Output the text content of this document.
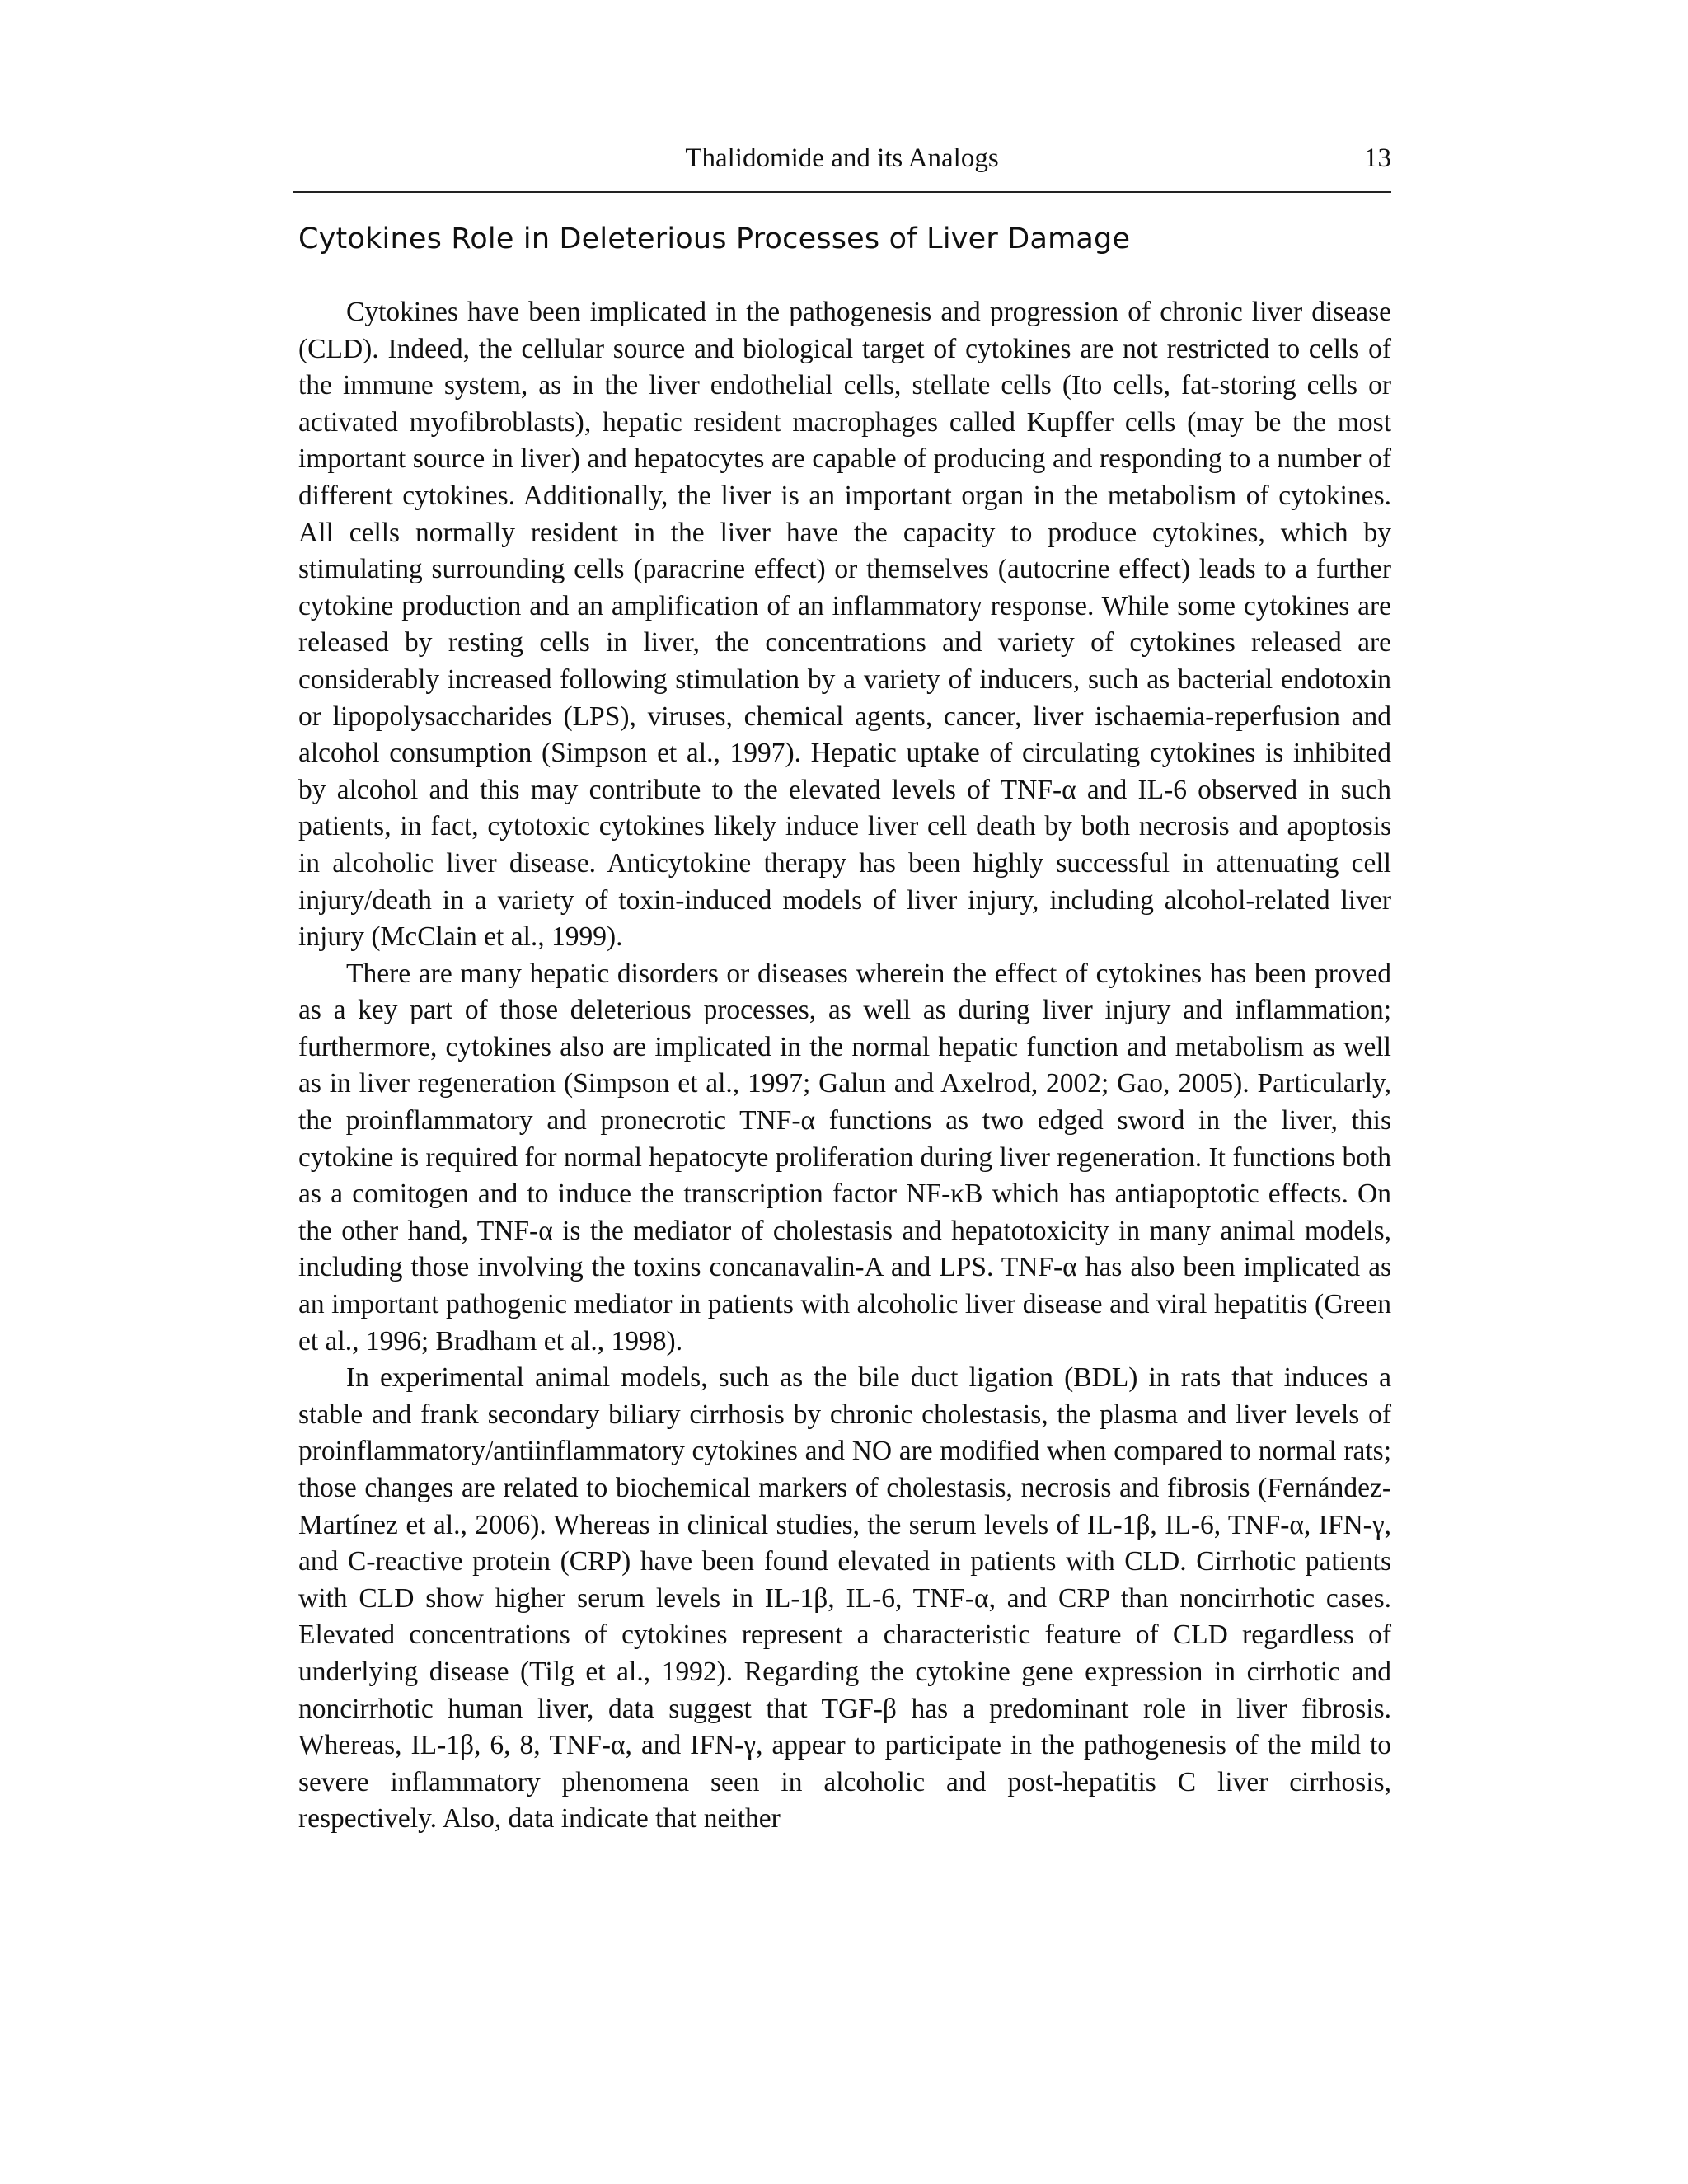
Thalidomide and its Analogs	13
Cytokines Role in Deleterious Processes of Liver Damage

Cytokines have been implicated in the pathogenesis and progression of chronic liver disease (CLD). Indeed, the cellular source and biological target of cytokines are not restricted to cells of the immune system, as in the liver endothelial cells, stellate cells (Ito cells, fat-storing cells or activated myofibroblasts), hepatic resident macrophages called Kupffer cells (may be the most important source in liver) and hepatocytes are capable of producing and responding to a number of different cytokines. Additionally, the liver is an important organ in the metabolism of cytokines. All cells normally resident in the liver have the capacity to produce cytokines, which by stimulating surrounding cells (paracrine effect) or themselves (autocrine effect) leads to a further cytokine production and an amplification of an inflammatory response. While some cytokines are released by resting cells in liver, the concentrations and variety of cytokines released are considerably increased following stimulation by a variety of inducers, such as bacterial endotoxin or lipopolysaccharides (LPS), viruses, chemical agents, cancer, liver ischaemia-reperfusion and alcohol consumption (Simpson et al., 1997). Hepatic uptake of circulating cytokines is inhibited by alcohol and this may contribute to the elevated levels of TNF-α and IL-6 observed in such patients, in fact, cytotoxic cytokines likely induce liver cell death by both necrosis and apoptosis in alcoholic liver disease. Anticytokine therapy has been highly successful in attenuating cell injury/death in a variety of toxin-induced models of liver injury, including alcohol-related liver injury (McClain et al., 1999).

There are many hepatic disorders or diseases wherein the effect of cytokines has been proved as a key part of those deleterious processes, as well as during liver injury and inflammation; furthermore, cytokines also are implicated in the normal hepatic function and metabolism as well as in liver regeneration (Simpson et al., 1997; Galun and Axelrod, 2002; Gao, 2005). Particularly, the proinflammatory and pronecrotic TNF-α functions as two edged sword in the liver, this cytokine is required for normal hepatocyte proliferation during liver regeneration. It functions both as a comitogen and to induce the transcription factor NF-κB which has antiapoptotic effects. On the other hand, TNF-α is the mediator of cholestasis and hepatotoxicity in many animal models, including those involving the toxins concanavalin-A and LPS. TNF-α has also been implicated as an important pathogenic mediator in patients with alcoholic liver disease and viral hepatitis (Green et al., 1996; Bradham et al., 1998).

In experimental animal models, such as the bile duct ligation (BDL) in rats that induces a stable and frank secondary biliary cirrhosis by chronic cholestasis, the plasma and liver levels of proinflammatory/antiinflammatory cytokines and NO are modified when compared to normal rats; those changes are related to biochemical markers of cholestasis, necrosis and fibrosis (Fernández-Martínez et al., 2006). Whereas in clinical studies, the serum levels of IL-1β, IL-6, TNF-α, IFN-γ, and C-reactive protein (CRP) have been found elevated in patients with CLD. Cirrhotic patients with CLD show higher serum levels in IL-1β, IL-6, TNF-α, and CRP than noncirrhotic cases. Elevated concentrations of cytokines represent a characteristic feature of CLD regardless of underlying disease (Tilg et al., 1992). Regarding the cytokine gene expression in cirrhotic and noncirrhotic human liver, data suggest that TGF-β has a predominant role in liver fibrosis. Whereas, IL-1β, 6, 8, TNF-α, and IFN-γ, appear to participate in the pathogenesis of the mild to severe inflammatory phenomena seen in alcoholic and post-hepatitis C liver cirrhosis, respectively. Also, data indicate that neither
